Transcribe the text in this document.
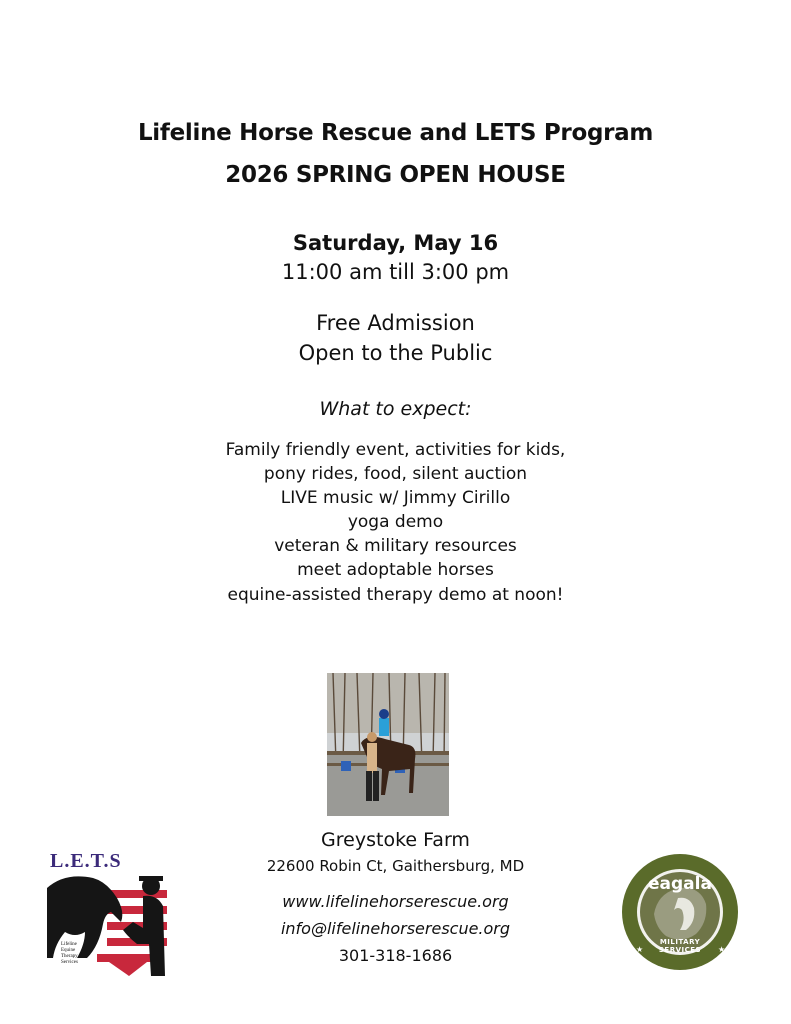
Lifeline Horse Rescue and LETS Program
2026 SPRING OPEN HOUSE
Saturday, May 16
11:00 am till 3:00 pm
Free Admission
Open to the Public
What to expect:
Family friendly event, activities for kids,
pony rides, food, silent auction
LIVE music w/ Jimmy Cirillo
yoga demo
veteran & military resources
meet adoptable horses
equine-assisted therapy demo at noon!
Greystoke Farm
22600 Robin Ct, Gaithersburg, MD
www.lifelinehorserescue.org
info@lifelinehorserescue.org
301-318-1686
L.E.T.S
Lifeline
Equine
Therapy
Services
★	★
eagala
MILITARY SERVICES
